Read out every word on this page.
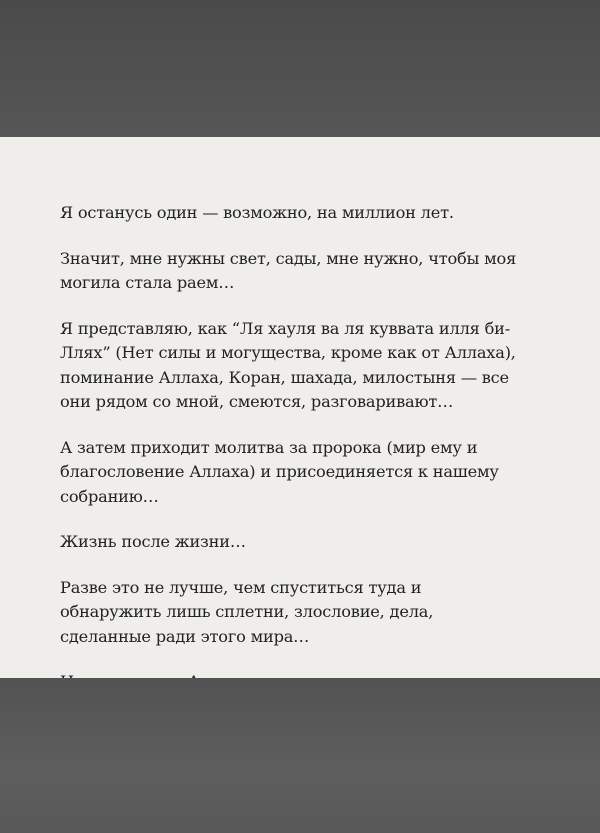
Я останусь один — возможно, на миллион лет.

Значит, мне нужны свет, сады, мне нужно, чтобы моя
могила стала раем…

Я представляю, как “Ля хауля ва ля куввата илля би-
Ллях” (Нет силы и могущества, кроме как от Аллаха),
поминание Аллаха, Коран, шахада, милостыня — все
они рядом со мной, смеются, разговаривают…

А затем приходит молитва за пророка (мир ему и
благословение Аллаха) и присоединяется к нашему
собранию…

Жизнь после жизни…

Разве это не лучше, чем спуститься туда и
обнаружить лишь сплетни, злословие, дела,
сделанные ради этого мира…
